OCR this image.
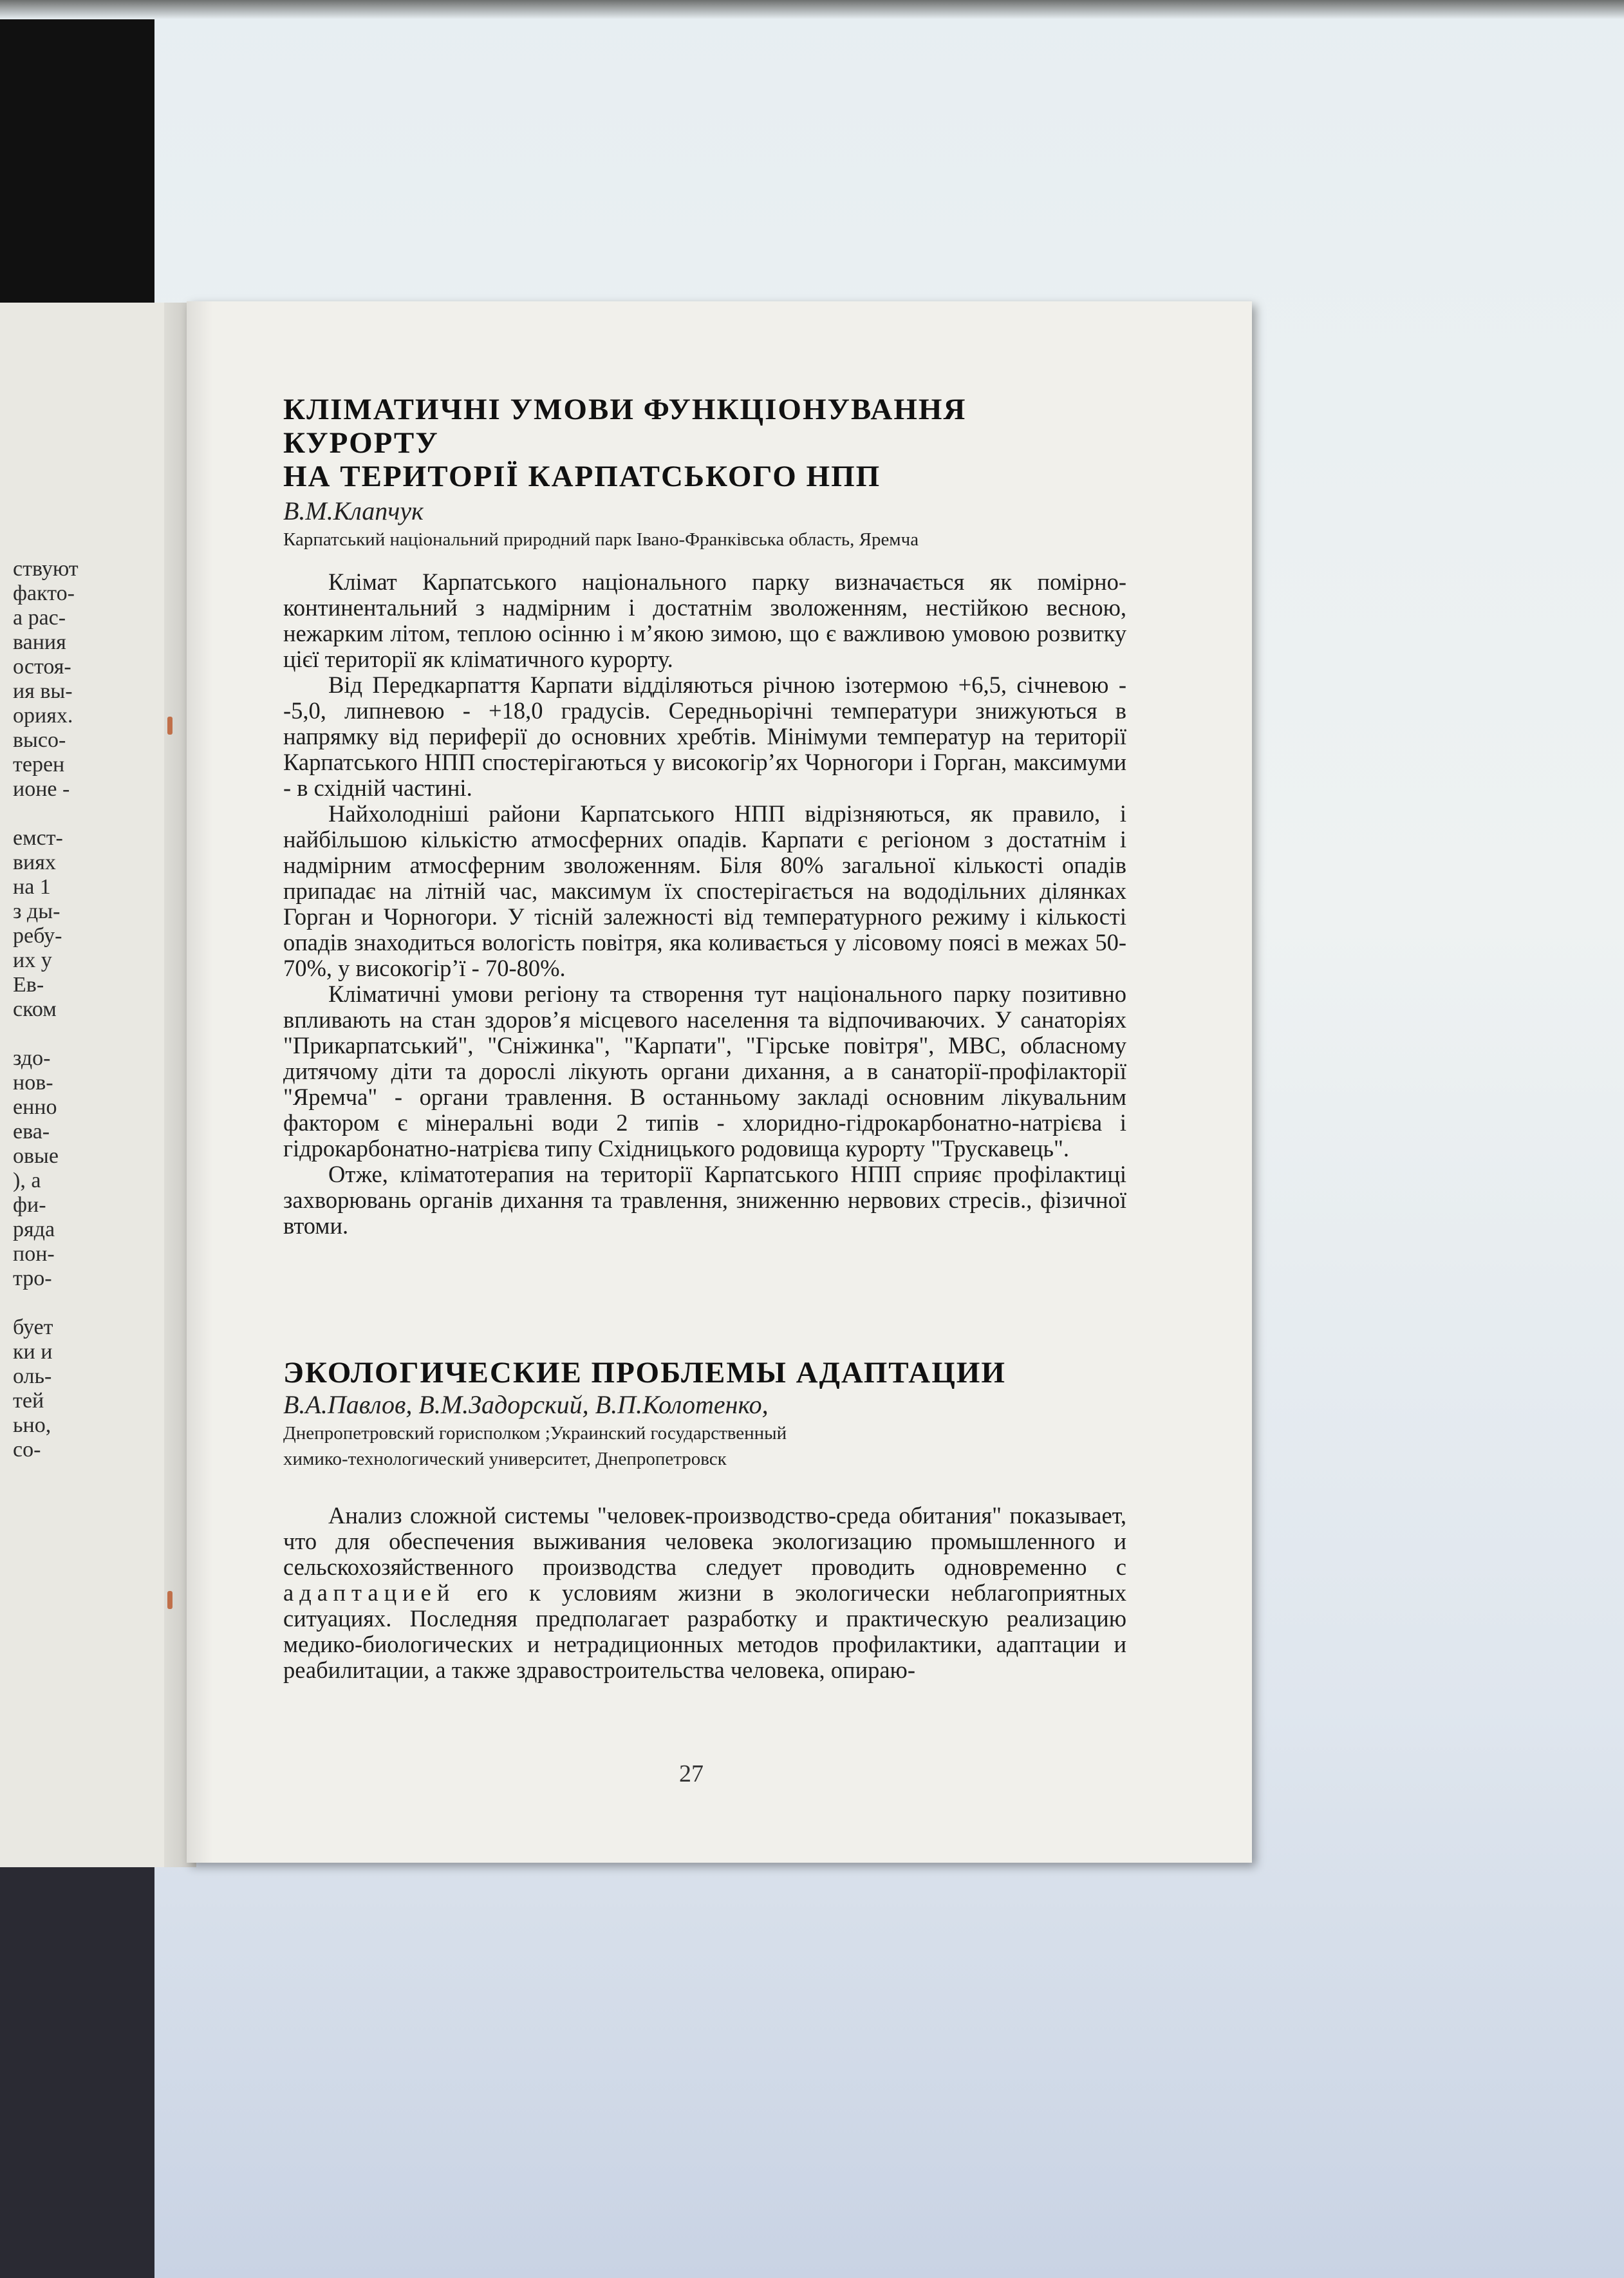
ствуют
факто-
а рас-
вания
остоя-
ия вы-
ориях.
высо-
терен
ионе -
емст-
виях
на 1
з ды-
ребу-
их у
Ев-
ском
здо-
нов-
енно
ева-
овые
), а
фи-
ряда
пон-
тро-
бует
ки и
оль-
тей
ьно,
со-
КЛІМАТИЧНІ УМОВИ ФУНКЦІОНУВАННЯ КУРОРТУ
НА ТЕРИТОРІЇ КАРПАТСЬКОГО НПП
В.М.Клапчук
Карпатський національний природний парк Івано-Франківська область, Яремча

Клімат Карпатського національного парку визначається як помірно-континентальний з надмірним і достатнім зволоженням, нестійкою весною, нежарким літом, теплою осінню і м’якою зимою, що є важливою умовою розвитку цієї території як кліматичного курорту.

Від Передкарпаття Карпати відділяються річною ізотермою +6,5, січневою - -5,0, липневою - +18,0 градусів. Середньорічні температури знижуються в напрямку від периферії до основних хребтів. Мінімуми температур на території Карпатського НПП спостерігаються у високогір’ях Чорногори і Горган, максимуми - в східній частині.

Найхолодніші райони Карпатського НПП відрізняються, як правило, і найбільшою кількістю атмосферних опадів. Карпати є регіоном з достатнім і надмірним атмосферним зволоженням. Біля 80% загальної кількості опадів припадає на літній час, максимум їх спостерігається на вододільних ділянках Горган и Чорногори. У тісній залежності від температурного режиму і кількості опадів знаходиться вологість повітря, яка коливається у лісовому поясі в межах 50-70%, у високогір’ї - 70-80%.

Кліматичні умови регіону та створення тут національного парку позитивно впливають на стан здоров’я місцевого населення та відпочиваючих. У санаторіях "Прикарпатський", "Сніжинка", "Карпати", "Гірське повітря", МВС, обласному дитячому діти та дорослі лікують органи дихання, а в санаторії-профілакторії "Яремча" - органи травлення. В останньому закладі основним лікувальним фактором є мінеральні води 2 типів - хлоридно-гідрокарбонатно-натрієва і гідрокарбонатно-натрієва типу Східницького родовища курорту "Трускавець".

Отже, кліматотерапия на території Карпатського НПП сприяє профілактиці захворювань органів дихання та травлення, зниженню нервових стресів., фізичної втоми.

ЭКОЛОГИЧЕСКИЕ ПРОБЛЕМЫ АДАПТАЦИИ
В.А.Павлов, В.М.Задорский, В.П.Колотенко,
Днепропетровский горисполком ;Украинский государственный
химико-технологический университет, Днепропетровск

Анализ сложной системы "человек-производство-среда обитания" показывает, что для обеспечения выживания человека экологизацию промышленного и сельскохозяйственного производства следует проводить одновременно с адаптацией его к условиям жизни в экологически неблагоприятных ситуациях. Последняя предполагает разработку и практическую реализацию медико-биологических и нетрадиционных методов профилактики, адаптации и реабилитации, а также здравостроительства человека, опираю-

27
